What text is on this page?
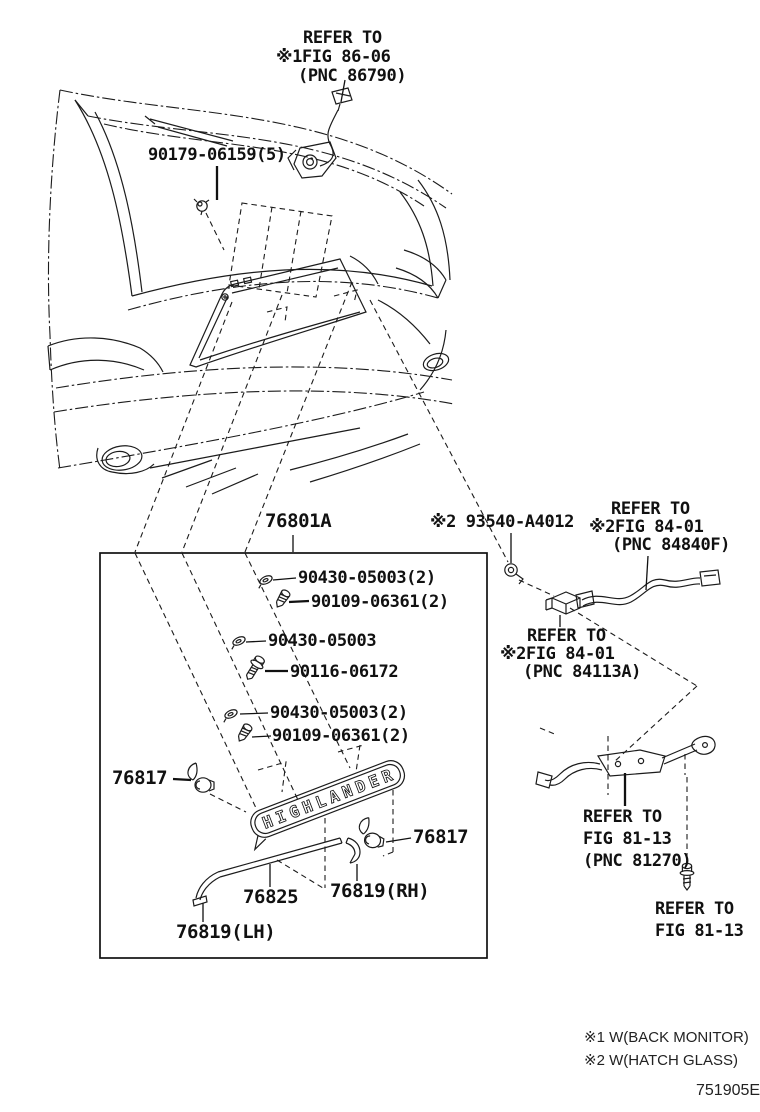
HIGHLANDER
REFER TO
※1FIG 86-06
(PNC 86790)
90179-06159(5)
76801A	※2 93540-A4012
REFER TO
※2FIG 84-01
(PNC 84840F)
90430-05003(2)
90109-06361(2)
90430-05003
90116-06172
90430-05003(2)
90109-06361(2)
REFER TO
※2FIG 84-01
(PNC 84113A)
76817
76817
76825 76819(RH)
76819(LH)
REFER TO
FIG 81-13
(PNC 81270)
REFER TO
FIG 81-13
※1 W(BACK MONITOR)
※2 W(HATCH GLASS)
751905E
